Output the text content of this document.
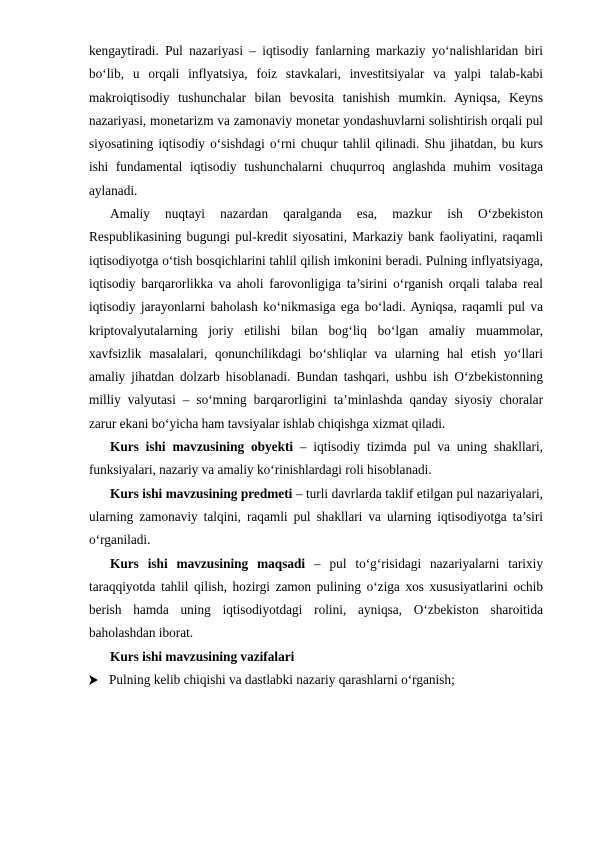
kengaytiradi. Pul nazariyasi – iqtisodiy fanlarning markaziy yo‘nalishlaridan biri bo‘lib, u orqali inflyatsiya, foiz stavkalari, investitsiyalar va yalpi talab-kabi makroiqtisodiy tushunchalar bilan bevosita tanishish mumkin. Ayniqsa, Keyns nazariyasi, monetarizm va zamonaviy monetar yondashuvlarni solishtirish orqali pul siyosatining iqtisodiy o‘sishdagi o‘rni chuqur tahlil qilinadi. Shu jihatdan, bu kurs ishi fundamental iqtisodiy tushunchalarni chuqurroq anglashda muhim vositaga aylanadi.

Amaliy nuqtayi nazardan qaralganda esa, mazkur ish O‘zbekiston Respublikasining bugungi pul-kredit siyosatini, Markaziy bank faoliyatini, raqamli iqtisodiyotga o‘tish bosqichlarini tahlil qilish imkonini beradi. Pulning inflyatsiyaga, iqtisodiy barqarorlikka va aholi farovonligiga ta’sirini o‘rganish orqali talaba real iqtisodiy jarayonlarni baholash ko‘nikmasiga ega bo‘ladi. Ayniqsa, raqamli pul va kriptovalyutalarning joriy etilishi bilan bog‘liq bo‘lgan amaliy muammolar, xavfsizlik masalalari, qonunchilikdagi bo‘shliqlar va ularning hal etish yo‘llari amaliy jihatdan dolzarb hisoblanadi. Bundan tashqari, ushbu ish O‘zbekistonning milliy valyutasi – so‘mning barqarorligini ta’minlashda qanday siyosiy choralar zarur ekani bo‘yicha ham tavsiyalar ishlab chiqishga xizmat qiladi.

Kurs ishi mavzusining obyekti – iqtisodiy tizimda pul va uning shakllari, funksiyalari, nazariy va amaliy ko‘rinishlardagi roli hisoblanadi.

Kurs ishi mavzusining predmeti – turli davrlarda taklif etilgan pul nazariyalari, ularning zamonaviy talqini, raqamli pul shakllari va ularning iqtisodiyotga ta’siri o‘rganiladi.

Kurs ishi mavzusining maqsadi – pul to‘g‘risidagi nazariyalarni tarixiy taraqqiyotda tahlil qilish, hozirgi zamon pulining o‘ziga xos xususiyatlarini ochib berish hamda uning iqtisodiyotdagi rolini, ayniqsa, O‘zbekiston sharoitida baholashdan iborat.

Kurs ishi mavzusining vazifalari

Pulning kelib chiqishi va dastlabki nazariy qarashlarni o‘rganish;
